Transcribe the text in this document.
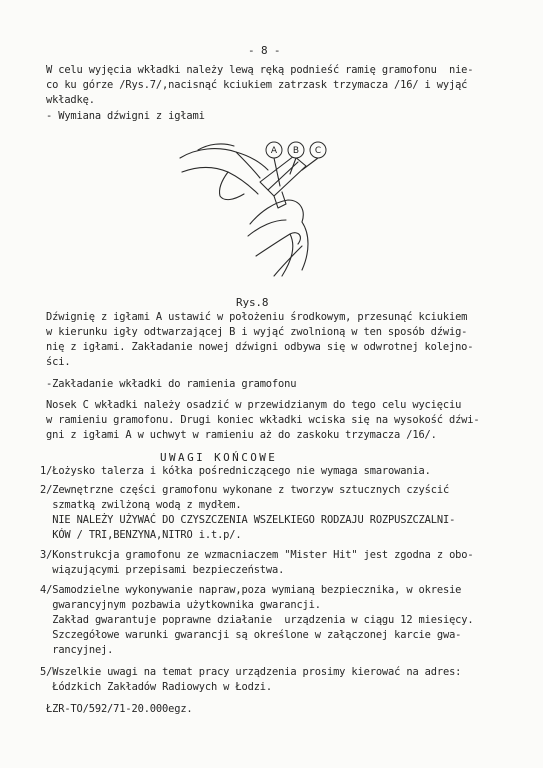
- 8 -
W celu wyjęcia wkładki należy lewą ręką podnieść ramię gramofonu  nie-
co ku górze /Rys.7/,nacisnąć kciukiem zatrzask trzymacza /16/ i wyjąć
wkładkę.
- Wymiana dźwigni z igłami
A B C
Rys.8
Dźwignię z igłami A ustawić w położeniu środkowym, przesunąć kciukiem
w kierunku igły odtwarzającej B i wyjąć zwolnioną w ten sposób dźwig-
nię z igłami. Zakładanie nowej dźwigni odbywa się w odwrotnej kolejno-
ści.
-Zakładanie wkładki do ramienia gramofonu
Nosek C wkładki należy osadzić w przewidzianym do tego celu wycięciu
w ramieniu gramofonu. Drugi koniec wkładki wciska się na wysokość dźwi-
gni z igłami A w uchwyt w ramieniu aż do zaskoku trzymacza /16/.
UWAGI KOŃCOWE
1/Łożysko talerza i kółka pośredniczącego nie wymaga smarowania.
2/Zewnętrzne części gramofonu wykonane z tworzyw sztucznych czyścić
szmatką zwilżoną wodą z mydłem.
NIE NALEŻY UŻYWAĆ DO CZYSZCZENIA WSZELKIEGO RODZAJU ROZPUSZCZALNI-
KÓW / TRI,BENZYNA,NITRO i.t.p/.
3/Konstrukcja gramofonu ze wzmacniaczem "Mister Hit" jest zgodna z obo-
wiązującymi przepisami bezpieczeństwa.
4/Samodzielne wykonywanie napraw,poza wymianą bezpiecznika, w okresie
gwarancyjnym pozbawia użytkownika gwarancji.
Zakład gwarantuje poprawne działanie  urządzenia w ciągu 12 miesięcy.
Szczegółowe warunki gwarancji są określone w załączonej karcie gwa-
rancyjnej.
5/Wszelkie uwagi na temat pracy urządzenia prosimy kierować na adres:
Łódzkich Zakładów Radiowych w Łodzi.
ŁZR-TO/592/71-20.000egz.
